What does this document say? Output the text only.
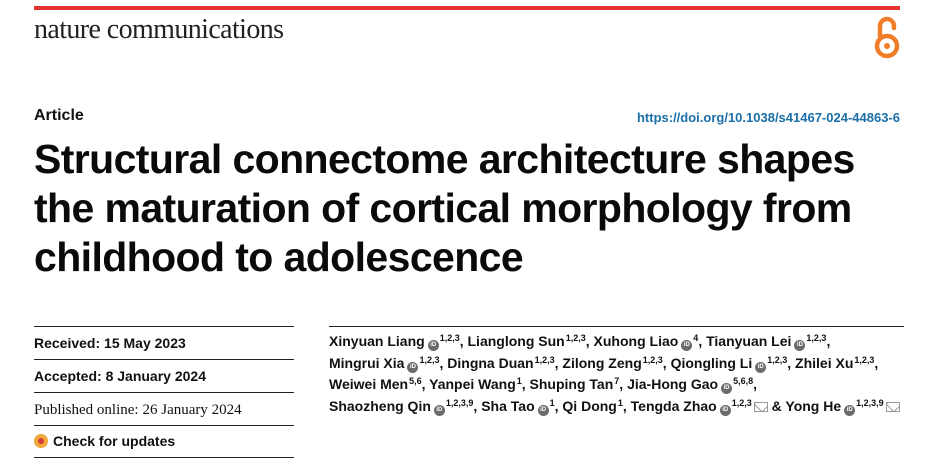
nature communications
Article	https://doi.org/10.1038/s41467-024-44863-6
Structural connectome architecture shapes the maturation of cortical morphology from childhood to adolescence
Received: 15 May 2023
Accepted: 8 January 2024
Published online: 26 January 2024
Check for updates
Xinyuan Liang iD$^{1,2,3}$, Lianglong Sun$^{1,2,3}$, Xuhong Liao $iD^4$, Tianyuan Lei iD$^{1,2,3}$, Mingrui Xia iD$^{1,2,3}$, Dingna Duan$^{1,2,3}$, Zilong Zeng$^{1,2,3}$, Qiongling Li iD$^{1,2,3}$, Zhilei Xu$^{1,2,3}$, Weiwei Men$^{5,6}$, Yanpei Wang$^1$, Shuping Tan$^7$, Jia-Hong Gao iD$^{5,6,8}$, Shaozheng Qin iD$^{1,2,3,9}$, Sha Tao $iD^1$, Qi Dong$^1$, Tengda Zhao iD$^{1,2,3}$ & Yong He iD$^{1,2,3,9}$
